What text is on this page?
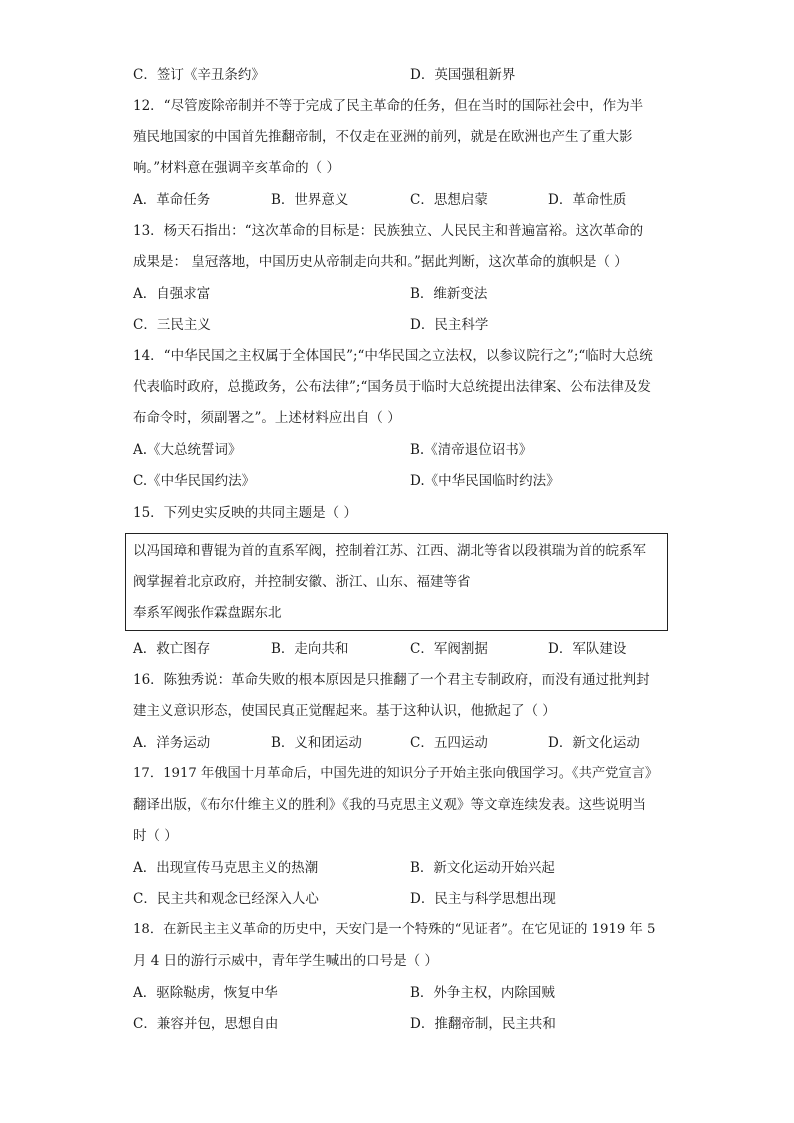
C．签订《辛丑条约》	D．英国强租新界
12．“尽管废除帝制并不等于完成了民主革命的任务，但在当时的国际社会中，作为半
殖民地国家的中国首先推翻帝制，不仅走在亚洲的前列，就是在欧洲也产生了重大影
响。”材料意在强调辛亥革命的（ ）
A．革命任务	B．世界意义	C．思想启蒙	D．革命性质
13．杨天石指出：“这次革命的目标是：民族独立、人民民主和普遍富裕。这次革命的
成果是： 皇冠落地，中国历史从帝制走向共和。”据此判断，这次革命的旗帜是（ ）
A．自强求富	B．维新变法
C．三民主义	D．民主科学
14．“中华民国之主权属于全体国民”;“中华民国之立法权，以参议院行之”;“临时大总统
代表临时政府，总揽政务，公布法律”;“国务员于临时大总统提出法律案、公布法律及发
布命令时，须副署之”。上述材料应出自（ ）
A.《大总统誓词》	B.《清帝退位诏书》
C.《中华民国约法》	D.《中华民国临时约法》
15．下列史实反映的共同主题是（ ）
以冯国璋和曹锟为首的直系军阀，控制着江苏、江西、湖北等省以段祺瑞为首的皖系军
阀掌握着北京政府，并控制安徽、浙江、山东、福建等省
奉系军阀张作霖盘踞东北
A．救亡图存	B．走向共和	C．军阀割据	D．军队建设
16．陈独秀说：革命失败的根本原因是只推翻了一个君主专制政府，而没有通过批判封
建主义意识形态，使国民真正觉醒起来。基于这种认识，他掀起了（ ）
A．洋务运动	B．义和团运动	C．五四运动	D．新文化运动
17．1917 年俄国十月革命后，中国先进的知识分子开始主张向俄国学习。《共产党宣言》
翻译出版，《布尔什维主义的胜利》《我的马克思主义观》等文章连续发表。这些说明当
时（ ）
A．出现宣传马克思主义的热潮	B．新文化运动开始兴起
C．民主共和观念已经深入人心	D．民主与科学思想出现
18．在新民主主义革命的历史中，天安门是一个特殊的“见证者”。在它见证的 1919 年 5
月 4 日的游行示威中，青年学生喊出的口号是（ ）
A．驱除鞑虏，恢复中华	B．外争主权，内除国贼
C．兼容并包，思想自由	D．推翻帝制，民主共和
